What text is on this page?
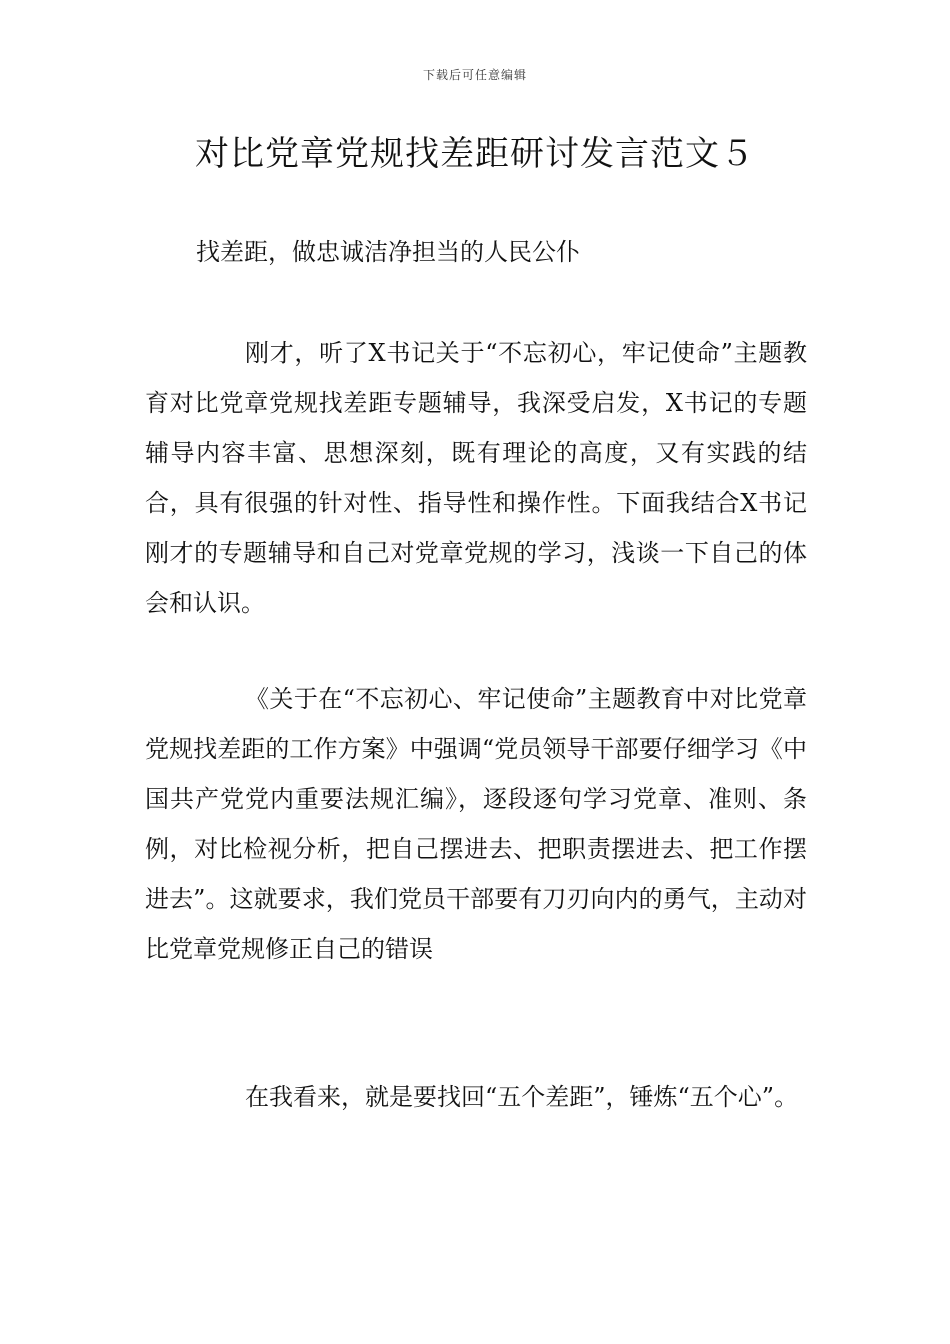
下载后可任意编辑
对比党章党规找差距研讨发言范文５
找差距，做忠诚洁净担当的人民公仆

刚才，听了X书记关于“不忘初心，牢记使命”主题教育对比党章党规找差距专题辅导，我深受启发，X书记的专题辅导内容丰富、思想深刻，既有理论的高度，又有实践的结合，具有很强的针对性、指导性和操作性。下面我结合X书记刚才的专题辅导和自己对党章党规的学习，浅谈一下自己的体会和认识。

《关于在“不忘初心、牢记使命”主题教育中对比党章党规找差距的工作方案》中强调“党员领导干部要仔细学习《中国共产党党内重要法规汇编》，逐段逐句学习党章、准则、条例，对比检视分析，把自己摆进去、把职责摆进去、把工作摆进去”。这就要求，我们党员干部要有刀刃向内的勇气，主动对比党章党规修正自己的错误

在我看来，就是要找回“五个差距”，锤炼“五个心”。
